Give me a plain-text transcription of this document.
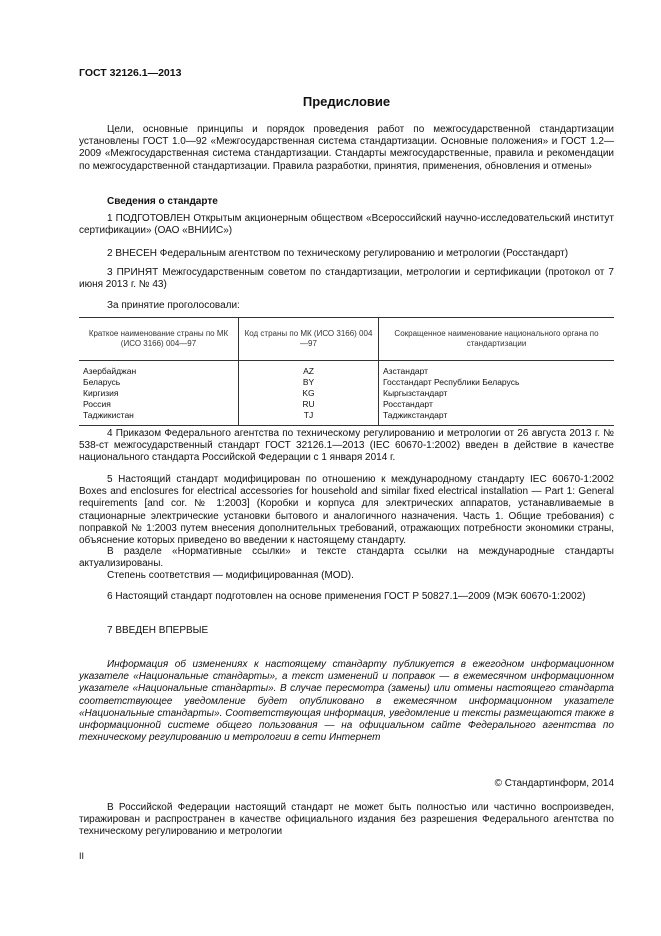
ГОСТ 32126.1—2013
Предисловие
Цели, основные принципы и порядок проведения работ по межгосударственной стандартизации установлены ГОСТ 1.0—92 «Межгосударственная система стандартизации. Основные положения» и ГОСТ 1.2—2009 «Межгосударственная система стандартизации. Стандарты межгосударственные, правила и рекомендации по межгосударственной стандартизации. Правила разработки, принятия, применения, обновления и отмены»
Сведения о стандарте
1 ПОДГОТОВЛЕН Открытым акционерным обществом «Всероссийский научно-исследовательский институт сертификации» (ОАО «ВНИИС»)
2 ВНЕСЕН Федеральным агентством по техническому регулированию и метрологии (Росстандарт)
3 ПРИНЯТ Межгосударственным советом по стандартизации, метрологии и сертификации (протокол от 7 июня 2013 г. № 43)
За принятие проголосовали:
Краткое наименование страны по МК (ИСО 3166) 004—97	Код страны по МК (ИСО 3166) 004—97	Сокращенное наименование национального органа по стандартизации
Азербайджан	AZ	Азстандарт
Беларусь	BY	Госстандарт Республики Беларусь
Киргизия	KG	Кыргызстандарт
Россия	RU	Росстандарт
Таджикистан	TJ	Таджикстандарт
4 Приказом Федерального агентства по техническому регулированию и метрологии от 26 августа 2013 г. № 538-ст межгосударственный стандарт ГОСТ 32126.1—2013 (IEC 60670-1:2002) введен в действие в качестве национального стандарта Российской Федерации с 1 января 2014 г.
5 Настоящий стандарт модифицирован по отношению к международному стандарту IEC 60670-1:2002 Boxes and enclosures for electrical accessories for household and similar fixed electrical installation — Part 1: General requirements [and cor. № 1:2003] (Коробки и корпуса для электрических аппаратов, устанавливаемые в стационарные электрические установки бытового и аналогичного назначения. Часть 1. Общие требования) с поправкой № 1:2003 путем внесения дополнительных требований, отражающих потребности экономики страны, объяснение которых приведено во введении к настоящему стандарту.
В разделе «Нормативные ссылки» и тексте стандарта ссылки на международные стандарты актуализированы.
Степень соответствия — модифицированная (MOD).
6 Настоящий стандарт подготовлен на основе применения ГОСТ Р 50827.1—2009 (МЭК 60670-1:2002)
7 ВВЕДЕН ВПЕРВЫЕ
Информация об изменениях к настоящему стандарту публикуется в ежегодном информационном указателе «Национальные стандарты», а текст изменений и поправок — в ежемесячном информационном указателе «Национальные стандарты». В случае пересмотра (замены) или отмены настоящего стандарта соответствующее уведомление будет опубликовано в ежемесячном информационном указателе «Национальные стандарты». Соответствующая информация, уведомление и тексты размещаются также в информационной системе общего пользования — на официальном сайте Федерального агентства по техническому регулированию и метрологии в сети Интернет
© Стандартинформ, 2014
В Российской Федерации настоящий стандарт не может быть полностью или частично воспроизведен, тиражирован и распространен в качестве официального издания без разрешения Федерального агентства по техническому регулированию и метрологии
II
